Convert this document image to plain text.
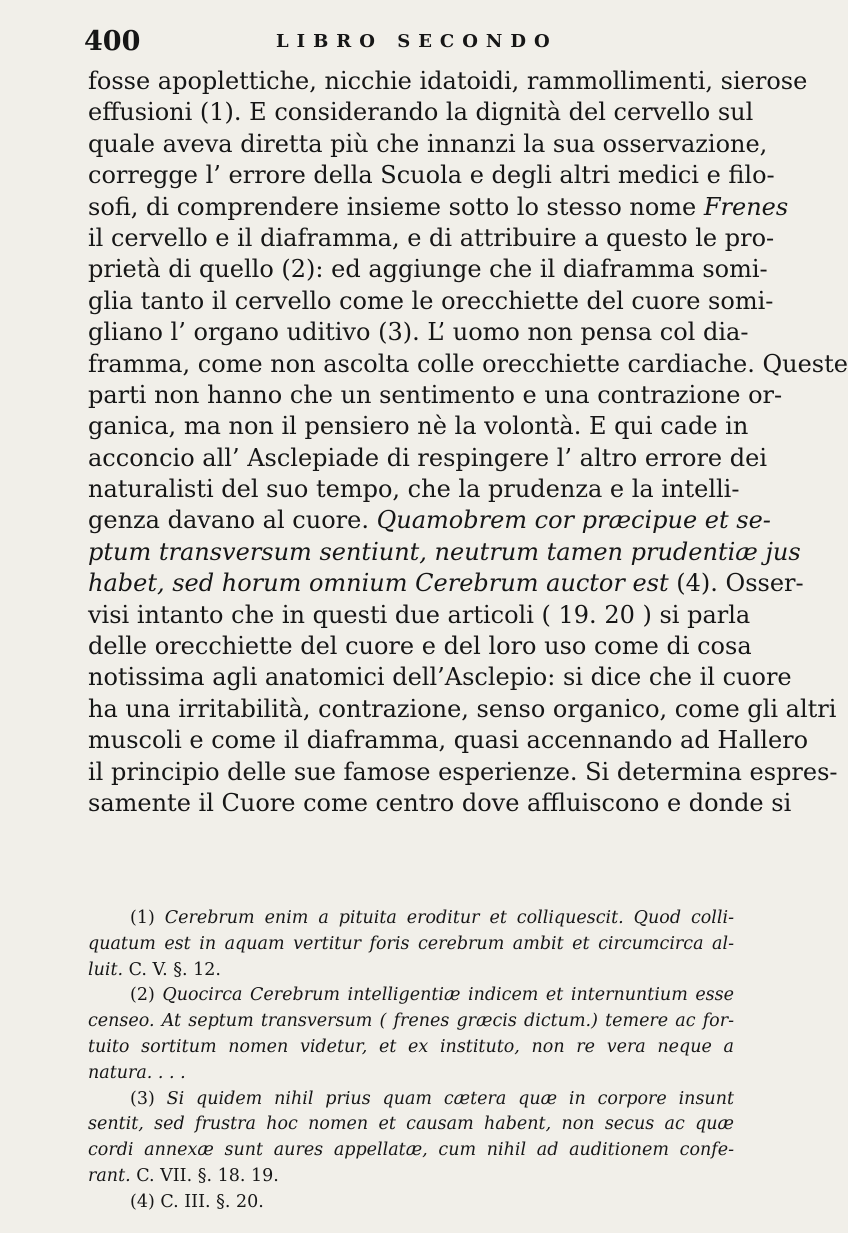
400	LIBRO SECONDO
fosse apoplettiche, nicchie idatoidi, rammollimenti, sierose
effusioni (1). E considerando la dignità del cervello sul
quale aveva diretta più che innanzi la sua osservazione,
corregge l’ errore della Scuola e degli altri medici e filo-
sofi, di comprendere insieme sotto lo stesso nome Frenes
il cervello e il diaframma, e di attribuire a questo le pro-
prietà di quello (2): ed aggiunge che il diaframma somi-
glia tanto il cervello come le orecchiette del cuore somi-
gliano l’ organo uditivo (3). L’ uomo non pensa col dia-
framma, come non ascolta colle orecchiette cardiache. Queste
parti non hanno che un sentimento e una contrazione or-
ganica, ma non il pensiero nè la volontà. E qui cade in
acconcio all’ Asclepiade di respingere l’ altro errore dei
naturalisti del suo tempo, che la prudenza e la intelli-
genza davano al cuore. Quamobrem cor præcipue et se-
ptum transversum sentiunt, neutrum tamen prudentiæ jus
habet, sed horum omnium Cerebrum auctor est (4). Osser-
visi intanto che in questi due articoli ( 19. 20 ) si parla
delle orecchiette del cuore e del loro uso come di cosa
notissima agli anatomici dell’Asclepio: si dice che il cuore
ha una irritabilità, contrazione, senso organico, come gli altri
muscoli e come il diaframma, quasi accennando ad Hallero
il principio delle sue famose esperienze. Si determina espres-
samente il Cuore come centro dove affluiscono e donde si
(1) Cerebrum enim a pituita eroditur et colliquescit. Quod colli-
quatum est in aquam vertitur foris cerebrum ambit et circumcirca al-
luit. C. V. §. 12.
(2) Quocirca Cerebrum intelligentiæ indicem et internuntium esse
censeo. At septum transversum ( frenes græcis dictum.) temere ac for-
tuito sortitum nomen videtur, et ex instituto, non re vera neque a
natura. . . .
(3) Si quidem nihil prius quam cætera quæ in corpore insunt
sentit, sed frustra hoc nomen et causam habent, non secus ac quæ
cordi annexæ sunt aures appellatæ, cum nihil ad auditionem confe-
rant. C. VII. §. 18. 19.
(4) C. III. §. 20.
